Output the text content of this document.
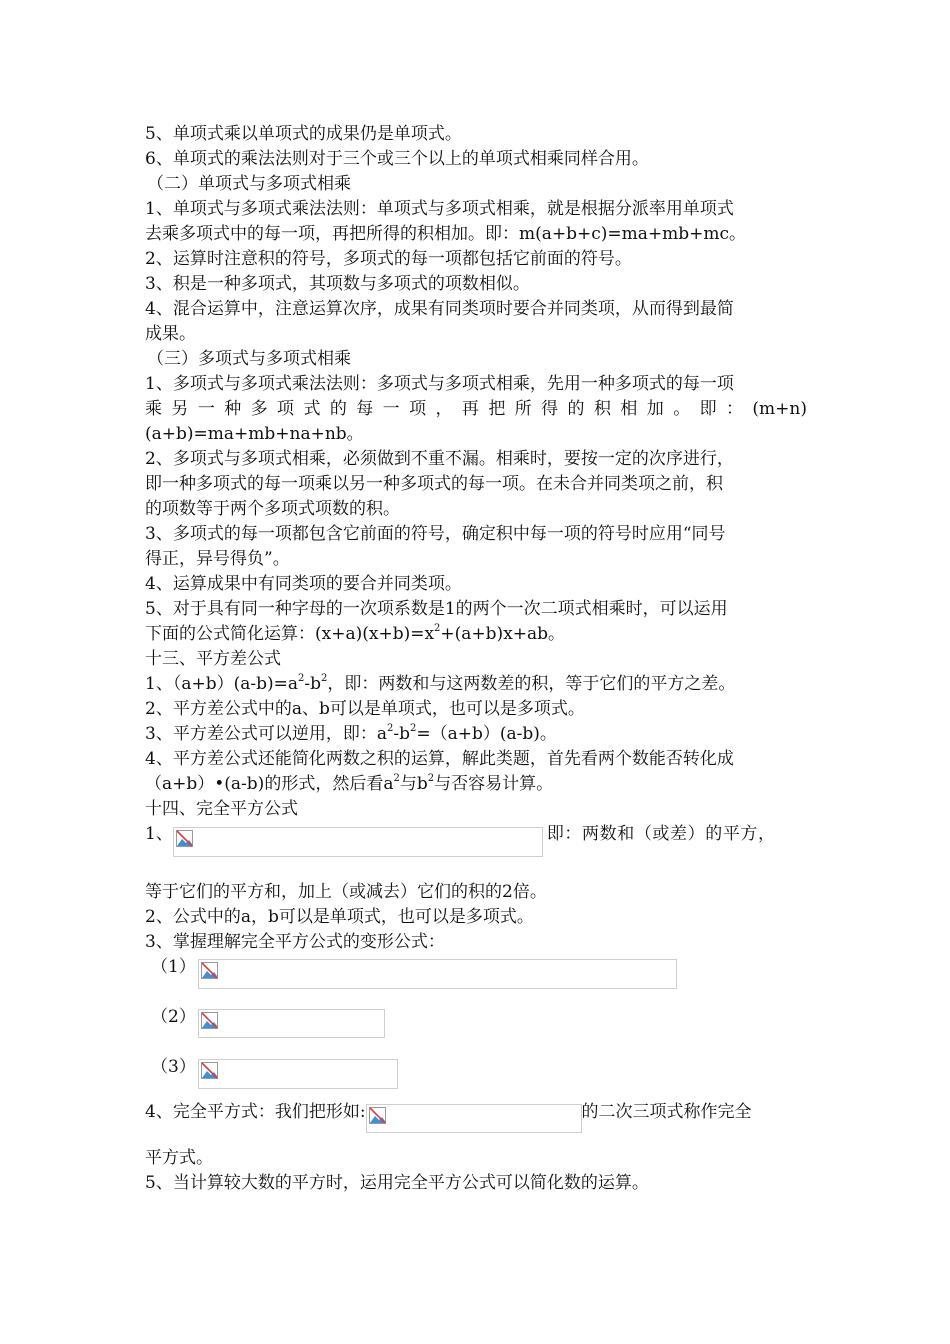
5、单项式乘以单项式的成果仍是单项式。
6、单项式的乘法法则对于三个或三个以上的单项式相乘同样合用。
（二）单项式与多项式相乘
1、单项式与多项式乘法法则：单项式与多项式相乘，就是根据分派率用单项式
去乘多项式中的每一项，再把所得的积相加。即：m(a+b+c)=ma+mb+mc。
2、运算时注意积的符号，多项式的每一项都包括它前面的符号。
3、积是一种多项式，其项数与多项式的项数相似。
4、混合运算中，注意运算次序，成果有同类项时要合并同类项，从而得到最简
成果。
（三）多项式与多项式相乘
1、多项式与多项式乘法法则：多项式与多项式相乘，先用一种多项式的每一项
乘另一种多项式的每一项，再把所得的积相加。即：(m+n)
(a+b)=ma+mb+na+nb。
2、多项式与多项式相乘，必须做到不重不漏。相乘时，要按一定的次序进行，
即一种多项式的每一项乘以另一种多项式的每一项。在未合并同类项之前，积
的项数等于两个多项式项数的积。
3、多项式的每一项都包含它前面的符号，确定积中每一项的符号时应用“同号
得正，异号得负”。
4、运算成果中有同类项的要合并同类项。
5、对于具有同一种字母的一次项系数是1的两个一次二项式相乘时，可以运用
下面的公式简化运算：$(x+a)(x+b)=x^2+(a+b)x+ab$。
十三、平方差公式
1、$(a+b)(a-b)=a^2-b^2$，即：两数和与这两数差的积，等于它们的平方之差。
2、平方差公式中的a、b可以是单项式，也可以是多项式。
3、平方差公式可以逆用，即：$a^2-b^2=(a+b)(a-b)$。
4、平方差公式还能简化两数之积的运算，解此类题，首先看两个数能否转化成
（a+b）•(a-b)的形式，然后看$a^2$与$b^2$与否容易计算。
十四、完全平方公式
1、	即：两数和（或差）的平方，
等于它们的平方和，加上（或减去）它们的积的2倍。
2、公式中的a，b可以是单项式，也可以是多项式。
3、掌握理解完全平方公式的变形公式：
（1）
（2）
（3）
4、完全平方式：我们把形如:	的二次三项式称作完全
平方式。
5、当计算较大数的平方时，运用完全平方公式可以简化数的运算。
